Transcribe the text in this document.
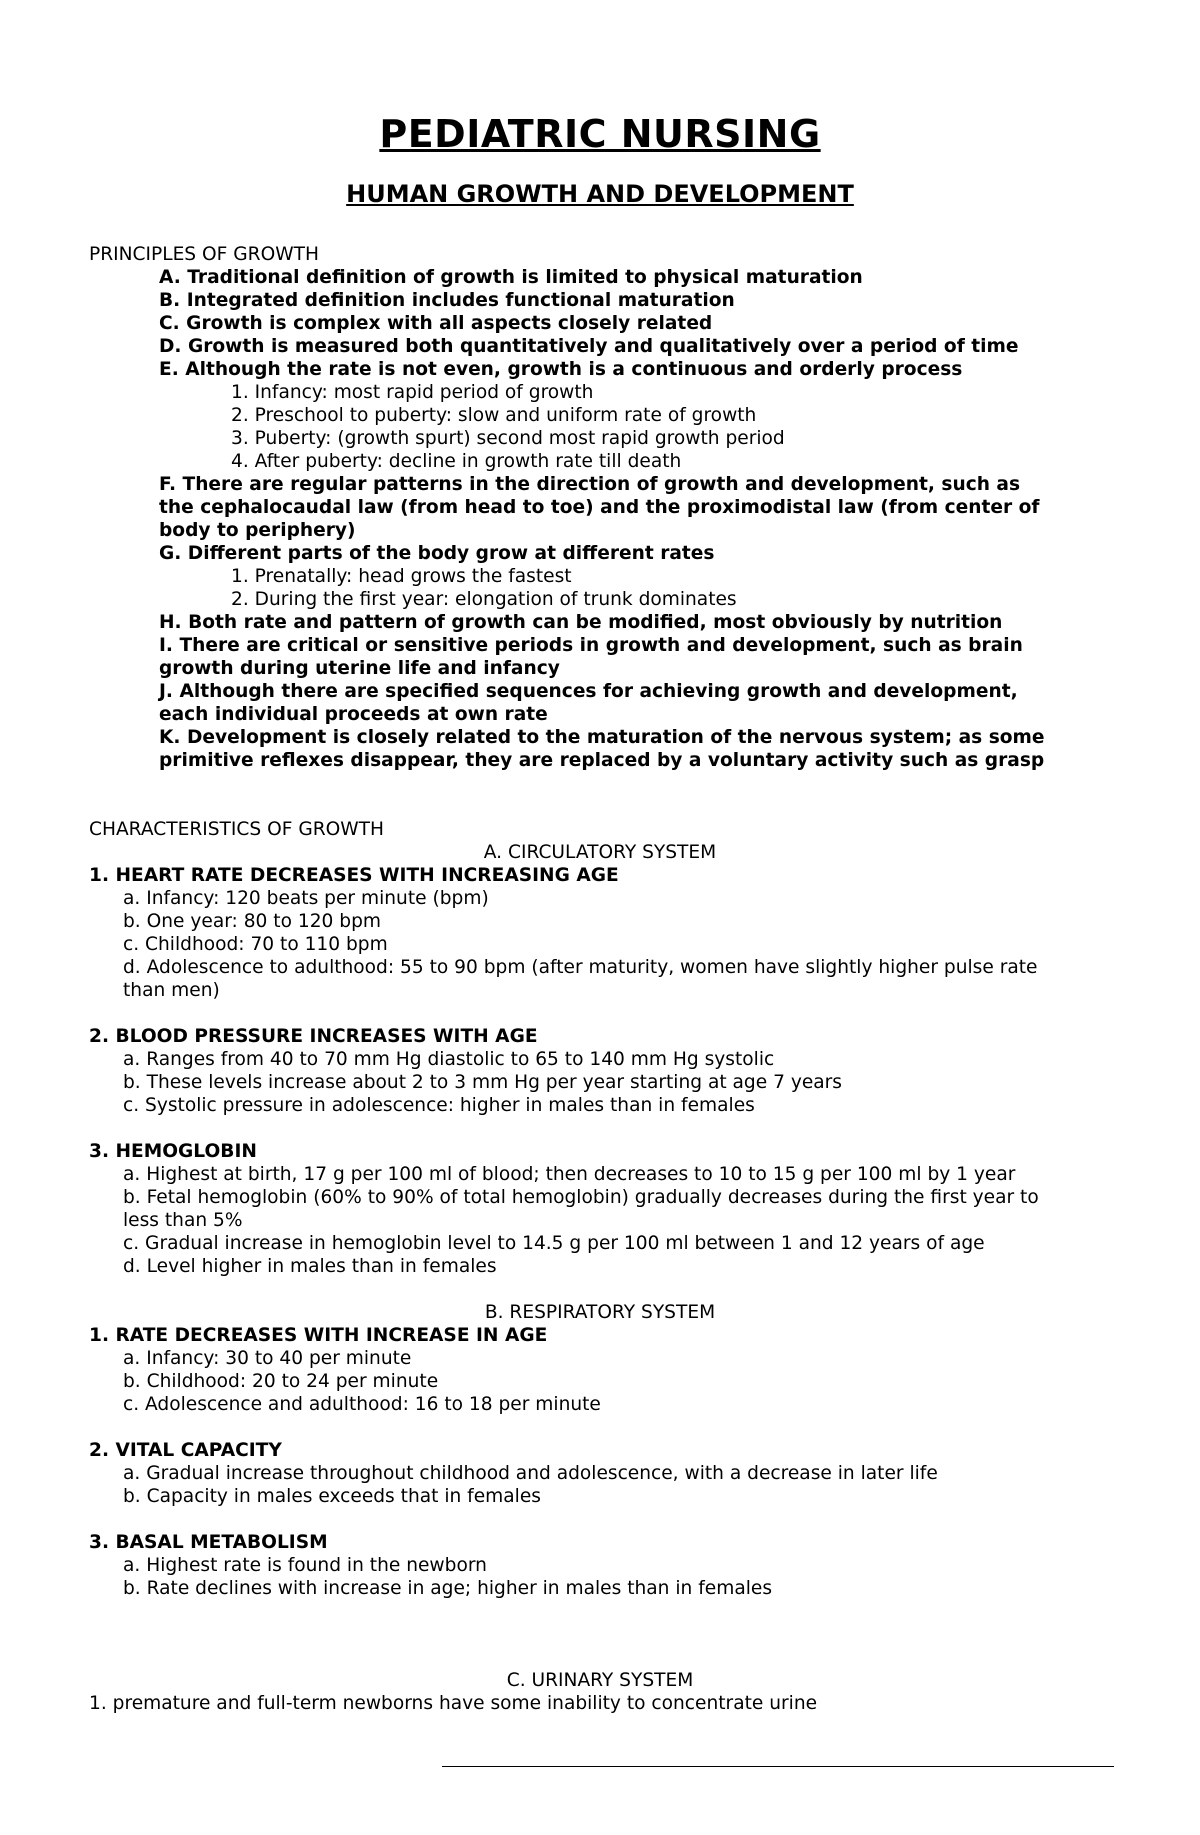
PEDIATRIC NURSING
HUMAN GROWTH AND DEVELOPMENT
PRINCIPLES OF GROWTH
A. Traditional definition of growth is limited to physical maturation
B. Integrated definition includes functional maturation
C. Growth is complex with all aspects closely related
D. Growth is measured both quantitatively and qualitatively over a period of time
E. Although the rate is not even, growth is a continuous and orderly process
1. Infancy: most rapid period of growth
2. Preschool to puberty: slow and uniform rate of growth
3. Puberty: (growth spurt) second most rapid growth period
4. After puberty: decline in growth rate till death
F. There are regular patterns in the direction of growth and development, such as
the cephalocaudal law (from head to toe) and the proximodistal law (from center of
body to periphery)
G. Different parts of the body grow at different rates
1. Prenatally: head grows the fastest
2. During the first year: elongation of trunk dominates
H. Both rate and pattern of growth can be modified, most obviously by nutrition
I. There are critical or sensitive periods in growth and development, such as brain
growth during uterine life and infancy
J. Although there are specified sequences for achieving growth and development,
each individual proceeds at own rate
K. Development is closely related to the maturation of the nervous system; as some
primitive reflexes disappear, they are replaced by a voluntary activity such as grasp
CHARACTERISTICS OF GROWTH
A. CIRCULATORY SYSTEM
1. HEART RATE DECREASES WITH INCREASING AGE
a. Infancy: 120 beats per minute (bpm)
b. One year: 80 to 120 bpm
c. Childhood: 70 to 110 bpm
d. Adolescence to adulthood: 55 to 90 bpm (after maturity, women have slightly higher pulse rate
than men)
2. BLOOD PRESSURE INCREASES WITH AGE
a. Ranges from 40 to 70 mm Hg diastolic to 65 to 140 mm Hg systolic
b. These levels increase about 2 to 3 mm Hg per year starting at age 7 years
c. Systolic pressure in adolescence: higher in males than in females
3. HEMOGLOBIN
a. Highest at birth, 17 g per 100 ml of blood; then decreases to 10 to 15 g per 100 ml by 1 year
b. Fetal hemoglobin (60% to 90% of total hemoglobin) gradually decreases during the first year to
less than 5%
c. Gradual increase in hemoglobin level to 14.5 g per 100 ml between 1 and 12 years of age
d. Level higher in males than in females
B. RESPIRATORY SYSTEM
1. RATE DECREASES WITH INCREASE IN AGE
a. Infancy: 30 to 40 per minute
b. Childhood: 20 to 24 per minute
c. Adolescence and adulthood: 16 to 18 per minute
2. VITAL CAPACITY
a. Gradual increase throughout childhood and adolescence, with a decrease in later life
b. Capacity in males exceeds that in females
3. BASAL METABOLISM
a. Highest rate is found in the newborn
b. Rate declines with increase in age; higher in males than in females
C. URINARY SYSTEM
1. premature and full-term newborns have some inability to concentrate urine
